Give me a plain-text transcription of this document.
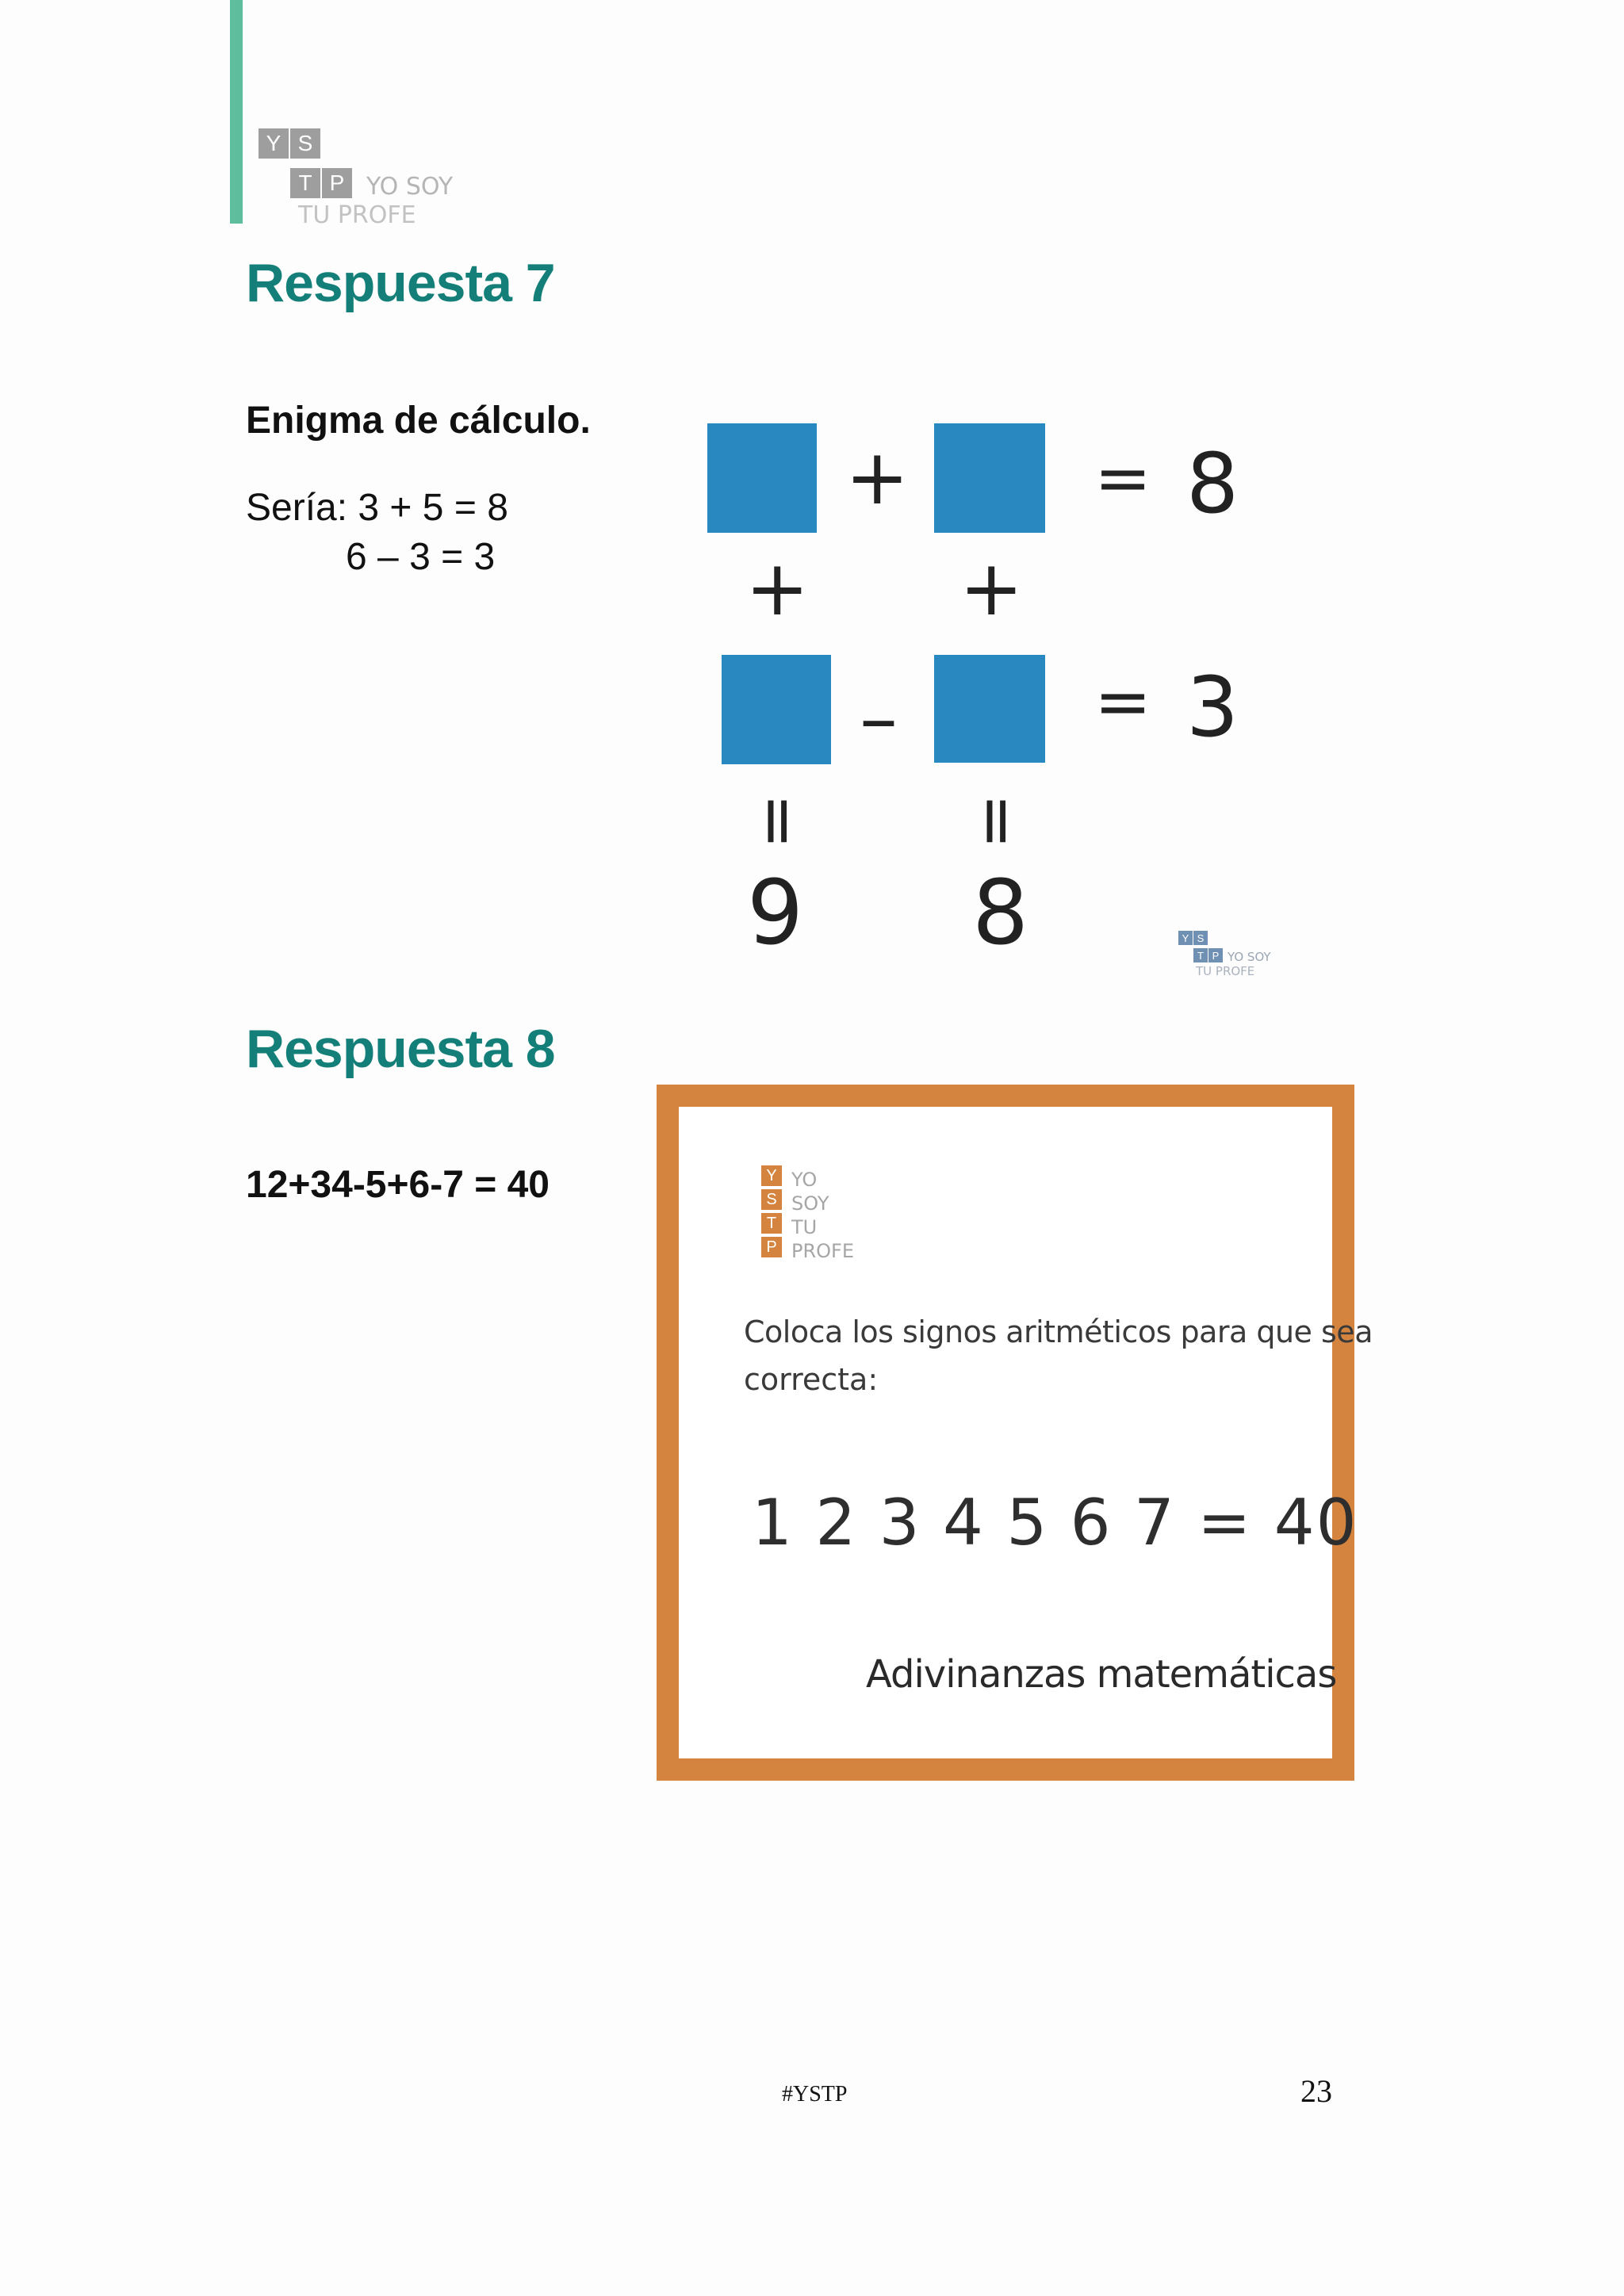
Y S
T P YO SOY
TU PROFE
Respuesta 7

Enigma de cálculo.

Sería: 3 + 5 = 8

6 – 3 = 3

+	= 8
+ +
–	= 3
= =
9 8	Y S
T P YO SOY
TU PROFE
Respuesta 8

12+34-5+6-7 = 40	Y
S
T
P
YO
SOY
TU
PROFE
Coloca los signos aritméticos para que sea
correcta:
1 2 3 4 5 6 7 = 40
Adivinanzas matemáticas
#YSTP	23
